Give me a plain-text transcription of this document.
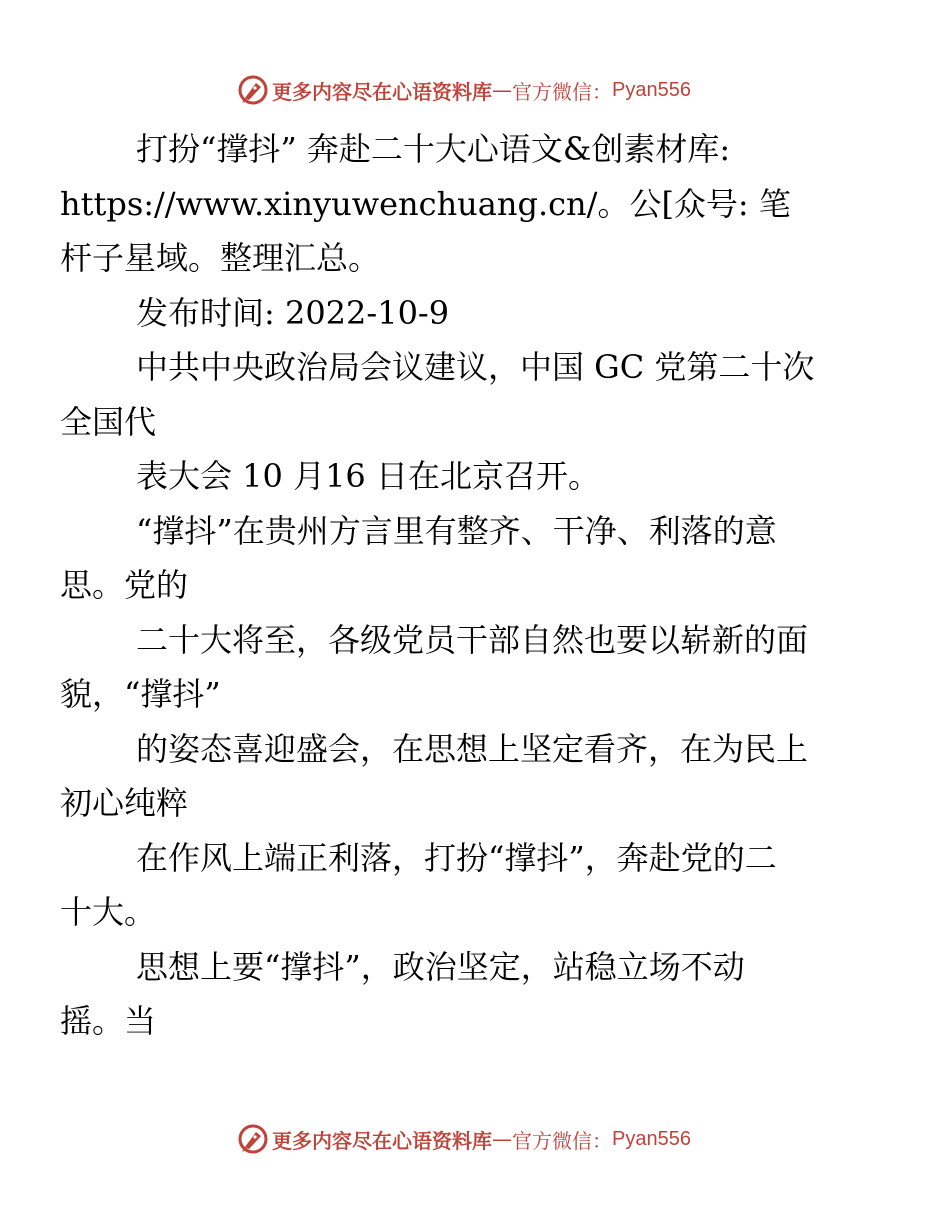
更多内容尽在心语资料库 — 官方微信： Pyan556

打扮“撑抖” 奔赴二十大心语文&创素材库:
https://www.xinyuwenchuang.cn/。公[众号: 笔
杆子星域。整理汇总。

发布时间: 2022-10-9

中共中央政治局会议建议，中国 GC 党第二十次
全国代

表大会 10 月16 日在北京召开。

“撑抖”在贵州方言里有整齐、干净、利落的意
思。党的

二十大将至，各级党员干部自然也要以崭新的面
貌，“撑抖”

的姿态喜迎盛会，在思想上坚定看齐，在为民上
初心纯粹

在作风上端正利落，打扮“撑抖”，奔赴党的二
十大。

思想上要“撑抖”，政治坚定，站稳立场不动
摇。当

更多内容尽在心语资料库 — 官方微信： Pyan556
